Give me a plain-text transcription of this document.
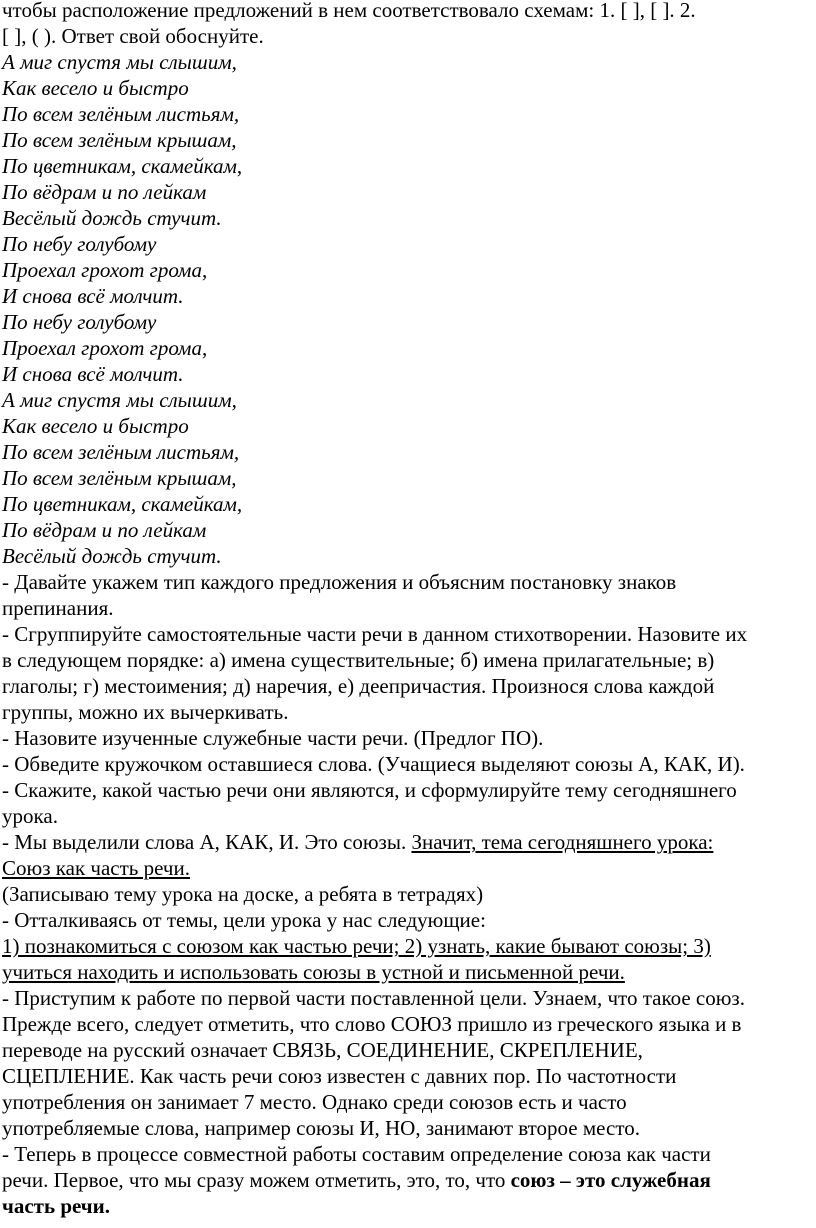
чтобы расположение предложений в нем соответствовало схемам: 1. [ ], [ ]. 2.
[ ], ( ). Ответ свой обоснуйте.
А миг спустя мы слышим,
Как весело и быстро
По всем зелёным листьям,
По всем зелёным крышам,
По цветникам, скамейкам,
По вёдрам и по лейкам
Весёлый дождь стучит.
По небу голубому
Проехал грохот грома,
И снова всё молчит.
По небу голубому
Проехал грохот грома,
И снова всё молчит.
А миг спустя мы слышим,
Как весело и быстро
По всем зелёным листьям,
По всем зелёным крышам,
По цветникам, скамейкам,
По вёдрам и по лейкам
Весёлый дождь стучит.
- Давайте укажем тип каждого предложения и объясним постановку знаков
препинания.
- Сгруппируйте самостоятельные части речи в данном стихотворении. Назовите их
в следующем порядке: а) имена существительные; б) имена прилагательные; в)
глаголы; г) местоимения; д) наречия, е) деепричастия. Произнося слова каждой
группы, можно их вычеркивать.
- Назовите изученные служебные части речи. (Предлог ПО).
- Обведите кружочком оставшиеся слова. (Учащиеся выделяют союзы А, КАК, И).
- Скажите, какой частью речи они являются, и сформулируйте тему сегодняшнего
урока.
- Мы выделили слова А, КАК, И. Это союзы. Значит, тема сегодняшнего урока:
Союз как часть речи.
(Записываю тему урока на доске, а ребята в тетрадях)
- Отталкиваясь от темы, цели урока у нас следующие:
1) познакомиться с союзом как частью речи; 2) узнать, какие бывают союзы; 3)
учиться находить и использовать союзы в устной и письменной речи.
- Приступим к работе по первой части поставленной цели. Узнаем, что такое союз.
Прежде всего, следует отметить, что слово СОЮЗ пришло из греческого языка и в
переводе на русский означает СВЯЗЬ, СОЕДИНЕНИЕ, СКРЕПЛЕНИЕ,
СЦЕПЛЕНИЕ. Как часть речи союз известен с давних пор. По частотности
употребления он занимает 7 место. Однако среди союзов есть и часто
употребляемые слова, например союзы И, НО, занимают второе место.
- Теперь в процессе совместной работы составим определение союза как части
речи. Первое, что мы сразу можем отметить, это, то, что союз – это служебная
часть речи.
